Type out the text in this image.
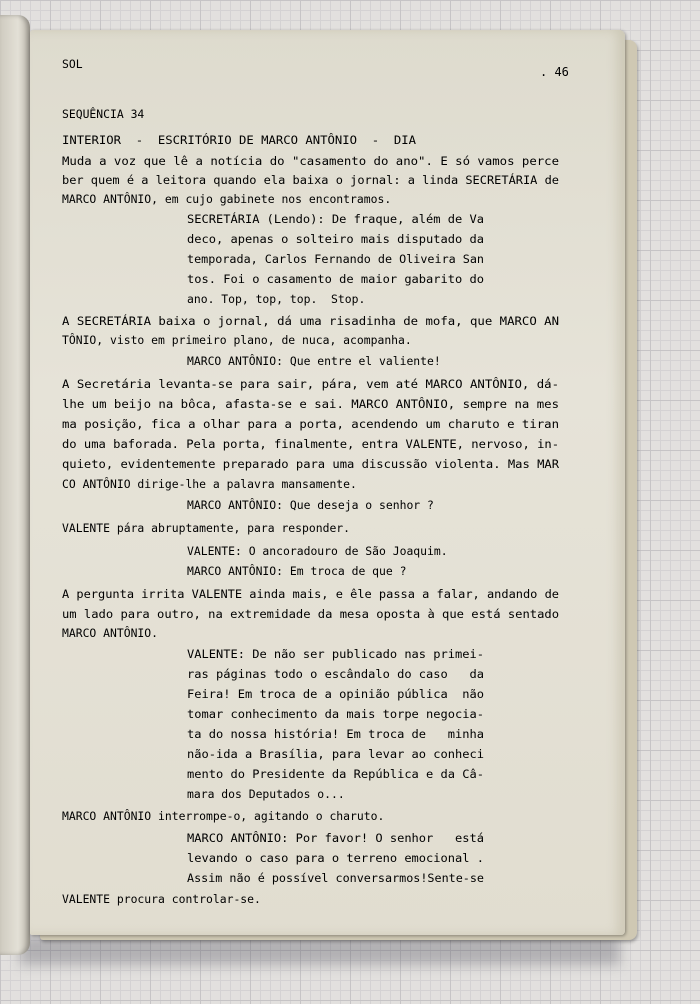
SOL
. 46
SEQUÊNCIA 34
INTERIOR  -  ESCRITÓRIO DE MARCO ANTÔNIO  -  DIA
Muda a voz que lê a notícia do "casamento do ano". E só vamos perce
ber quem é a leitora quando ela baixa o jornal: a linda SECRETÁRIA de
MARCO ANTÔNIO, em cujo gabinete nos encontramos.
SECRETÁRIA (Lendo): De fraque, além de Va
deco, apenas o solteiro mais disputado da
temporada, Carlos Fernando de Oliveira San
tos. Foi o casamento de maior gabarito do
ano. Top, top, top.  Stop.
A SECRETÁRIA baixa o jornal, dá uma risadinha de mofa, que MARCO AN
TÔNIO, visto em primeiro plano, de nuca, acompanha.
MARCO ANTÔNIO: Que entre el valiente!
A Secretária levanta-se para sair, pára, vem até MARCO ANTÔNIO, dá-
lhe um beijo na bôca, afasta-se e sai. MARCO ANTÔNIO, sempre na mes
ma posição, fica a olhar para a porta, acendendo um charuto e tiran
do uma baforada. Pela porta, finalmente, entra VALENTE, nervoso, in-
quieto, evidentemente preparado para uma discussão violenta. Mas MAR
CO ANTÔNIO dirige-lhe a palavra mansamente.
MARCO ANTÔNIO: Que deseja o senhor ?
VALENTE pára abruptamente, para responder.
VALENTE: O ancoradouro de São Joaquim.
MARCO ANTÔNIO: Em troca de que ?
A pergunta irrita VALENTE ainda mais, e êle passa a falar, andando de
um lado para outro, na extremidade da mesa oposta à que está sentado
MARCO ANTÔNIO.
VALENTE: De não ser publicado nas primei-
ras páginas todo o escândalo do caso   da
Feira! Em troca de a opinião pública  não
tomar conhecimento da mais torpe negocia-
ta do nossa história! Em troca de   minha
não-ida a Brasília, para levar ao conheci
mento do Presidente da República e da Câ-
mara dos Deputados o...
MARCO ANTÔNIO interrompe-o, agitando o charuto.
MARCO ANTÔNIO: Por favor! O senhor   está
levando o caso para o terreno emocional .
Assim não é possível conversarmos!Sente-se
VALENTE procura controlar-se.
